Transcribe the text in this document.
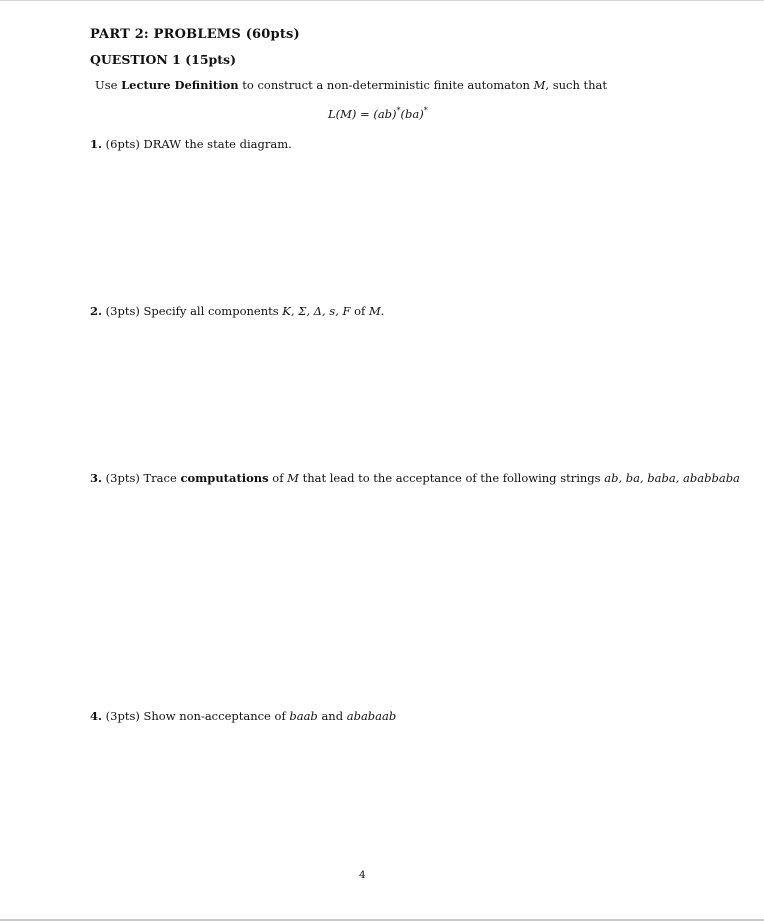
PART 2: PROBLEMS (60pts)
QUESTION 1 (15pts)
Use Lecture Definition to construct a non-deterministic finite automaton M, such that
L(M) = (ab)*(ba)*
1. (6pts) DRAW the state diagram.
2. (3pts) Specify all components K, Σ, Δ, s, F of M.
3. (3pts) Trace computations of M that lead to the acceptance of the following strings ab, ba, baba, ababbaba
4. (3pts) Show non-acceptance of baab and ababaab
4
